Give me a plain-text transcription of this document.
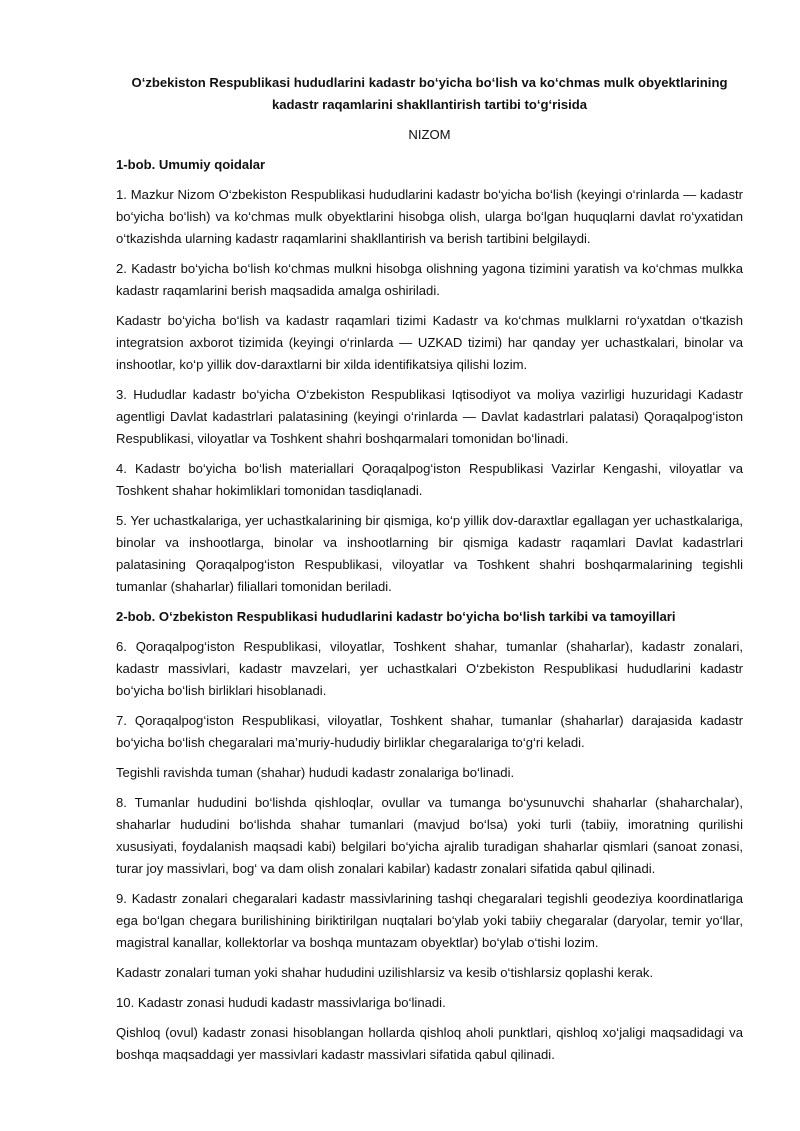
O‘zbekiston Respublikasi hududlarini kadastr bo‘yicha bo‘lish va ko‘chmas mulk obyektlarining kadastr raqamlarini shakllantirish tartibi to‘g‘risida

NIZOM

1-bob. Umumiy qoidalar

1. Mazkur Nizom O‘zbekiston Respublikasi hududlarini kadastr bo‘yicha bo‘lish (keyingi o‘rinlarda — kadastr bo‘yicha bo‘lish) va ko‘chmas mulk obyektlarini hisobga olish, ularga bo‘lgan huquqlarni davlat ro‘yxatidan o‘tkazishda ularning kadastr raqamlarini shakllantirish va berish tartibini belgilaydi.

2. Kadastr bo‘yicha bo‘lish ko‘chmas mulkni hisobga olishning yagona tizimini yaratish va ko‘chmas mulkka kadastr raqamlarini berish maqsadida amalga oshiriladi.

Kadastr bo‘yicha bo‘lish va kadastr raqamlari tizimi Kadastr va ko‘chmas mulklarni ro‘yxatdan o‘tkazish integratsion axborot tizimida (keyingi o‘rinlarda — UZKAD tizimi) har qanday yer uchastkalari, binolar va inshootlar, ko‘p yillik dov-daraxtlarni bir xilda identifikatsiya qilishi lozim.

3. Hududlar kadastr bo‘yicha O‘zbekiston Respublikasi Iqtisodiyot va moliya vazirligi huzuridagi Kadastr agentligi Davlat kadastrlari palatasining (keyingi o‘rinlarda — Davlat kadastrlari palatasi) Qoraqalpog‘iston Respublikasi, viloyatlar va Toshkent shahri boshqarmalari tomonidan bo‘linadi.

4. Kadastr bo‘yicha bo‘lish materiallari Qoraqalpog‘iston Respublikasi Vazirlar Kengashi, viloyatlar va Toshkent shahar hokimliklari tomonidan tasdiqlanadi.

5. Yer uchastkalariga, yer uchastkalarining bir qismiga, ko‘p yillik dov-daraxtlar egallagan yer uchastkalariga, binolar va inshootlarga, binolar va inshootlarning bir qismiga kadastr raqamlari Davlat kadastrlari palatasining Qoraqalpog‘iston Respublikasi, viloyatlar va Toshkent shahri boshqarmalarining tegishli tumanlar (shaharlar) filiallari tomonidan beriladi.

2-bob. O‘zbekiston Respublikasi hududlarini kadastr bo‘yicha bo‘lish tarkibi va tamoyillari

6. Qoraqalpog‘iston Respublikasi, viloyatlar, Toshkent shahar, tumanlar (shaharlar), kadastr zonalari, kadastr massivlari, kadastr mavzelari, yer uchastkalari O‘zbekiston Respublikasi hududlarini kadastr bo‘yicha bo‘lish birliklari hisoblanadi.

7. Qoraqalpog‘iston Respublikasi, viloyatlar, Toshkent shahar, tumanlar (shaharlar) darajasida kadastr bo‘yicha bo‘lish chegaralari ma’muriy-hududiy birliklar chegaralariga to‘g‘ri keladi.

Tegishli ravishda tuman (shahar) hududi kadastr zonalariga bo‘linadi.

8. Tumanlar hududini bo‘lishda qishloqlar, ovullar va tumanga bo‘ysunuvchi shaharlar (shaharchalar), shaharlar hududini bo‘lishda shahar tumanlari (mavjud bo‘lsa) yoki turli (tabiiy, imoratning qurilishi xususiyati, foydalanish maqsadi kabi) belgilari bo‘yicha ajralib turadigan shaharlar qismlari (sanoat zonasi, turar joy massivlari, bog‘ va dam olish zonalari kabilar) kadastr zonalari sifatida qabul qilinadi.

9. Kadastr zonalari chegaralari kadastr massivlarining tashqi chegaralari tegishli geodeziya koordinatlariga ega bo‘lgan chegara burilishining biriktirilgan nuqtalari bo‘ylab yoki tabiiy chegaralar (daryolar, temir yo‘llar, magistral kanallar, kollektorlar va boshqa muntazam obyektlar) bo‘ylab o‘tishi lozim.

Kadastr zonalari tuman yoki shahar hududini uzilishlarsiz va kesib o‘tishlarsiz qoplashi kerak.

10. Kadastr zonasi hududi kadastr massivlariga bo‘linadi.

Qishloq (ovul) kadastr zonasi hisoblangan hollarda qishloq aholi punktlari, qishloq xo‘jaligi maqsadidagi va boshqa maqsaddagi yer massivlari kadastr massivlari sifatida qabul qilinadi.
